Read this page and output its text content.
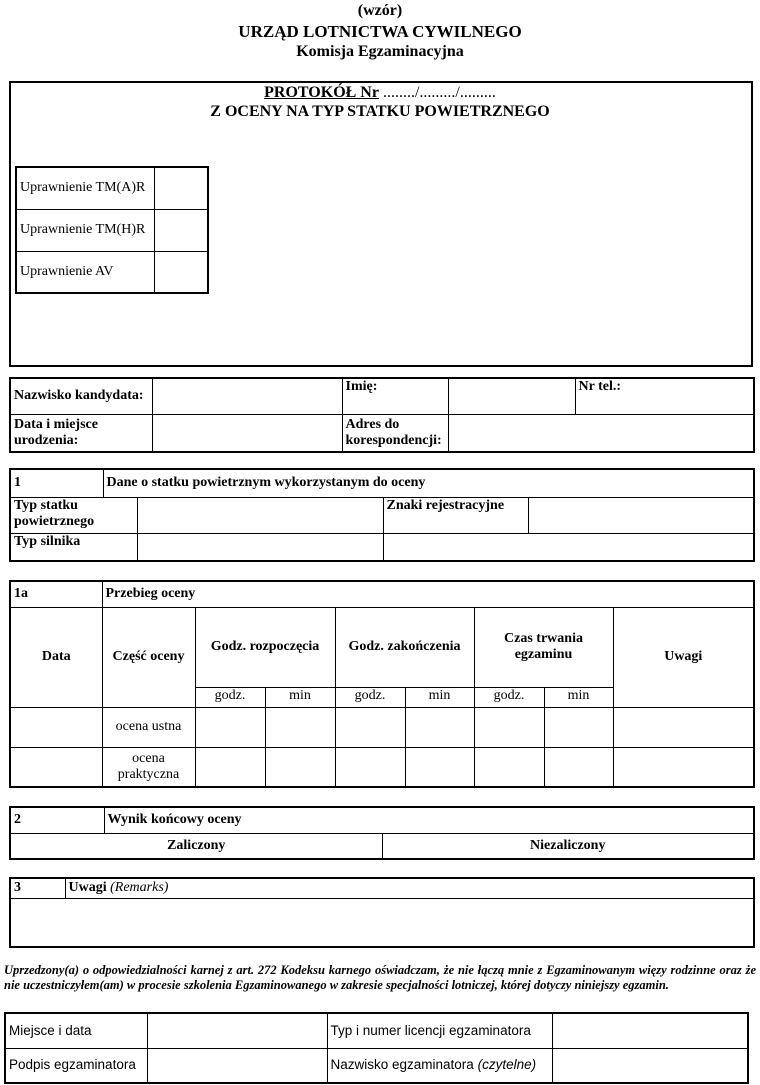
(wzór)
URZĄD LOTNICTWA CYWILNEGO
Komisja Egzaminacyjna
PROTOKÓŁ Nr ......../........./.........
Z OCENY NA TYP STATKU POWIETRZNEGO
Uprawnienie TM(A)R	
Uprawnienie TM(H)R	
Uprawnienie AV	
Nazwisko kandydata:		Imię:		Nr tel.:
Data i miejsce urodzenia:		Adres do korespondencji:		
1	Dane o statku powietrznym wykorzystanym do oceny			
Typ statku powietrznego			Znaki rejestracyjne	
Typ silnika				
1a	Przebieg oceny							
Data	Część oceny	Godz. rozpoczęcia		Godz. zakończenia		Czas trwania egzaminu		Uwagi
		godz.	min	godz.	min	godz.	min	
	ocena ustna							
	ocena praktyczna							
2	Wynik końcowy oceny	
Zaliczony		Niezaliczony
3	Uwagi (Remarks)

Uprzedzony(a) o odpowiedzialności karnej z art. 272 Kodeksu karnego oświadczam, że nie łączą mnie z Egzaminowanym więzy rodzinne oraz że nie uczestniczyłem(am) w procesie szkolenia Egzaminowanego w zakresie specjalności lotniczej, której dotyczy niniejszy egzamin.
Miejsce i data		Typ i numer licencji egzaminatora	
Podpis egzaminatora		Nazwisko egzaminatora (czytelne)	
